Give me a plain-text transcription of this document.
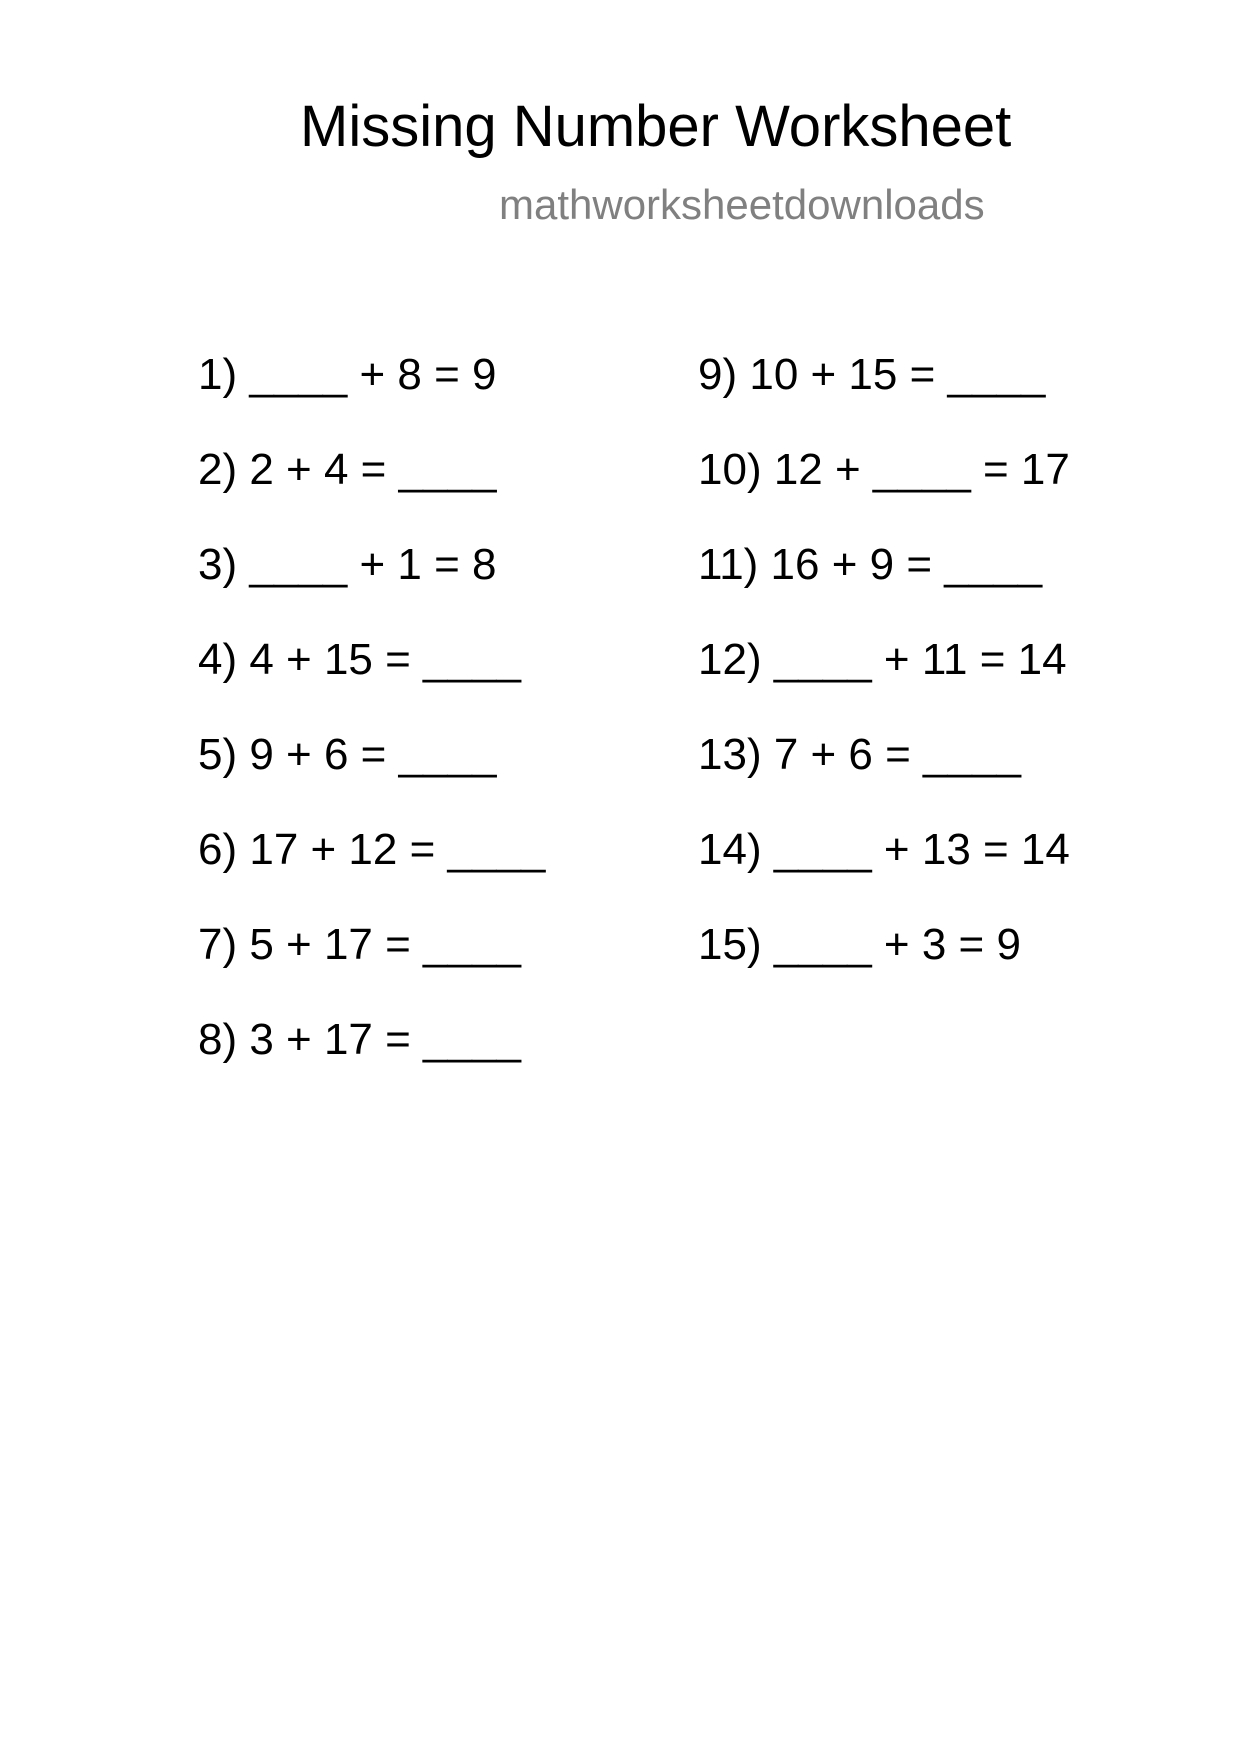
Missing Number Worksheet
mathworksheetdownloads
1) ____ + 8 = 9
2) 2 + 4 = ____
3) ____ + 1 = 8
4) 4 + 15 = ____
5) 9 + 6 = ____
6) 17 + 12 = ____
7) 5 + 17 = ____
8) 3 + 17 = ____
9) 10 + 15 = ____
10) 12 + ____ = 17
11) 16 + 9 = ____
12) ____ + 11 = 14
13) 7 + 6 = ____
14) ____ + 13 = 14
15) ____ + 3 = 9
